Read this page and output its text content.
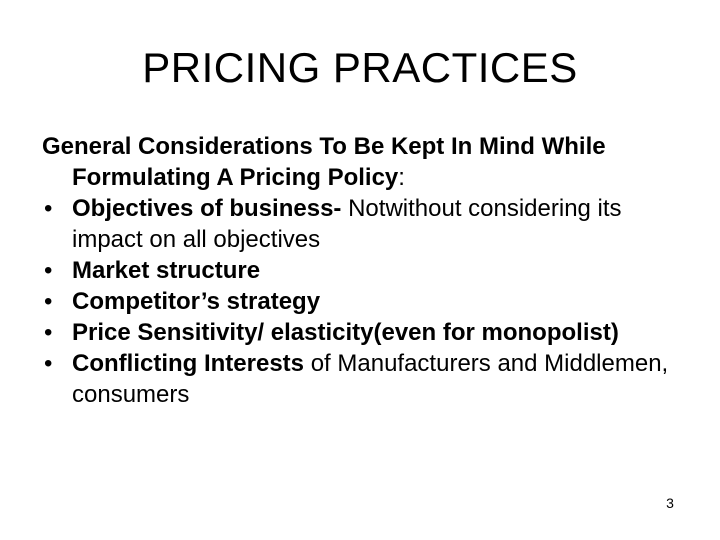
PRICING PRACTICES

General Considerations To Be Kept In Mind While Formulating A Pricing Policy:

• Objectives of business- Notwithout considering its impact on all objectives
• Market structure
• Competitor’s strategy
• Price Sensitivity/ elasticity(even for monopolist)
• Conflicting Interests of Manufacturers and Middlemen, consumers
3
